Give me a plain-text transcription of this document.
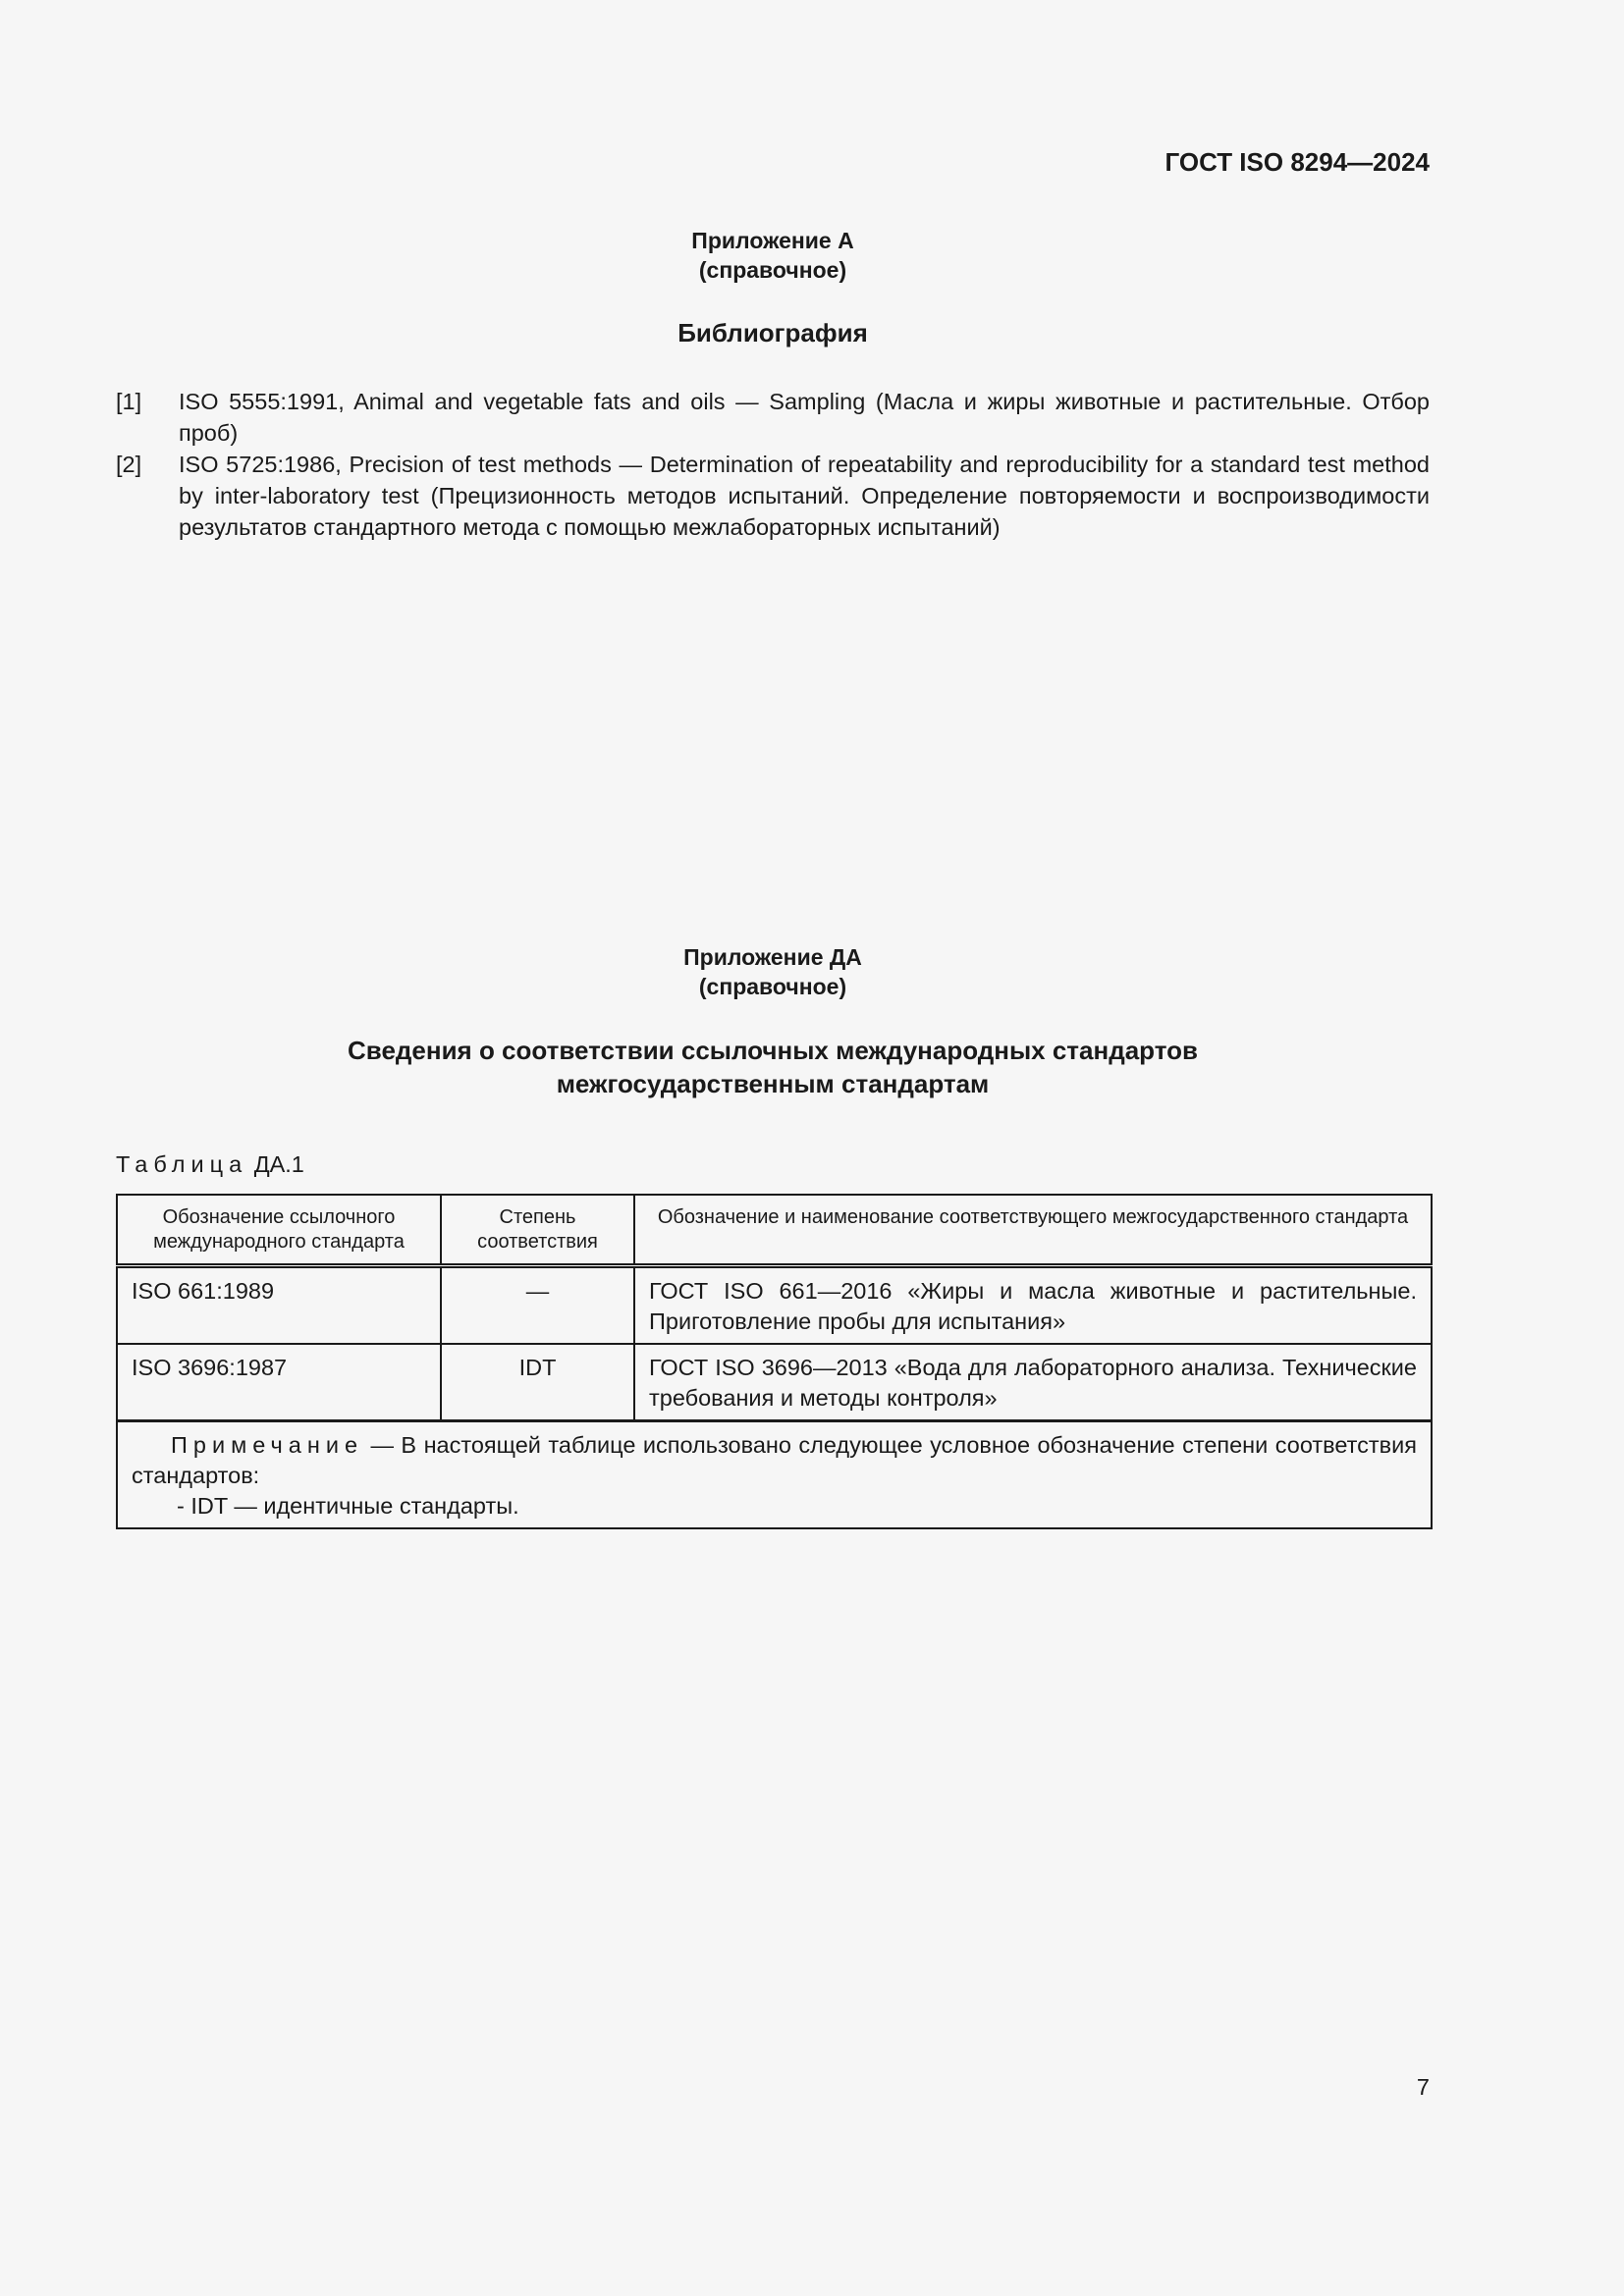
ГОСТ ISO 8294—2024
Приложение А
(справочное)
Библиография
[1]	ISO 5555:1991, Animal and vegetable fats and oils — Sampling (Масла и жиры животные и растительные. Отбор проб)
[2]	ISO 5725:1986, Precision of test methods — Determination of repeatability and reproducibility for a standard test method by inter-laboratory test (Прецизионность методов испытаний. Определение повторяемости и воспроизводимости результатов стандартного метода с помощью межлабораторных испытаний)
Приложение ДА
(справочное)
Сведения о соответствии ссылочных международных стандартов
межгосударственным стандартам
Таблица ДА.1
Обозначение ссылочного международного стандарта	Степень соответствия	Обозначение и наименование соответствующего межгосударственного стандарта
ISO 661:1989	—	ГОСТ ISO 661—2016 «Жиры и масла животные и растительные. Приготовление пробы для испытания»
ISO 3696:1987	IDT	ГОСТ ISO 3696—2013 «Вода для лабораторного анализа. Технические требования и методы контроля»

Примечание — В настоящей таблице использовано следующее условное обозначение степени соответствия стандартов:
- IDT — идентичные стандарты.		
7
